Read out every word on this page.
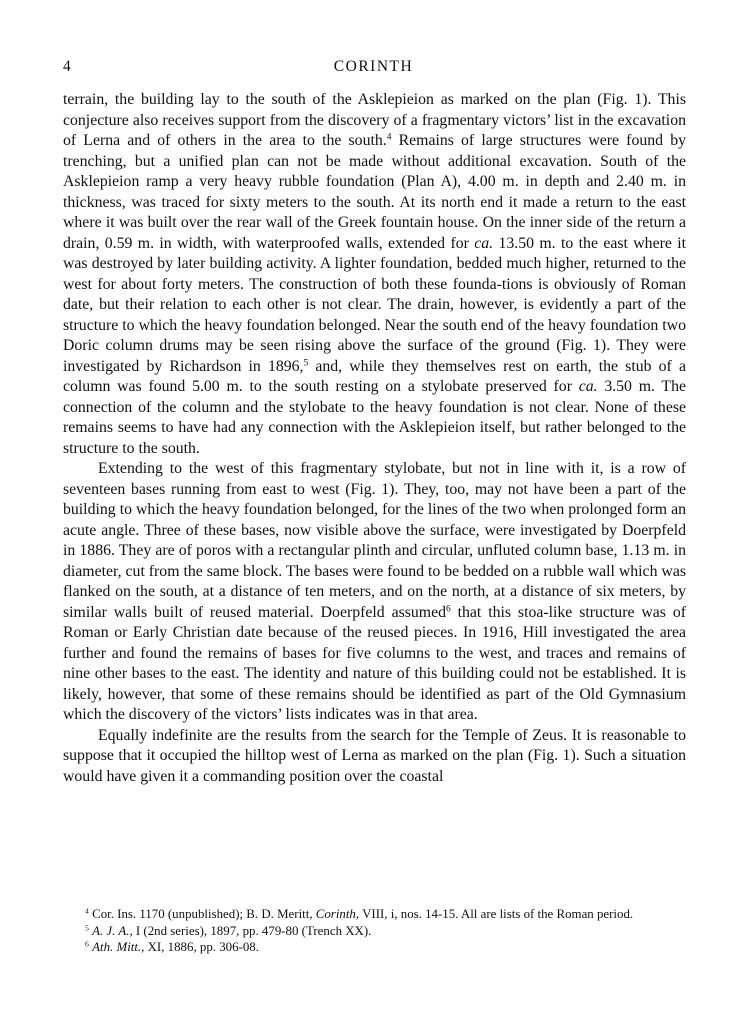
4	CORINTH

terrain, the building lay to the south of the Asklepieion as marked on the plan (Fig. 1). This conjecture also receives support from the discovery of a fragmentary victors’ list in the excavation of Lerna and of others in the area to the south.$^4$ Remains of large structures were found by trenching, but a unified plan can not be made without additional excavation. South of the Asklepieion ramp a very heavy rubble foundation (Plan A), 4.00 m. in depth and 2.40 m. in thickness, was traced for sixty meters to the south. At its north end it made a return to the east where it was built over the rear wall of the Greek fountain house. On the inner side of the return a drain, 0.59 m. in width, with waterproofed walls, extended for ca. 13.50 m. to the east where it was destroyed by later building activity. A lighter foundation, bedded much higher, returned to the west for about forty meters. The construction of both these founda-tions is obviously of Roman date, but their relation to each other is not clear. The drain, however, is evidently a part of the structure to which the heavy foundation belonged. Near the south end of the heavy foundation two Doric column drums may be seen rising above the surface of the ground (Fig. 1). They were investigated by Richardson in 1896,$^5$ and, while they themselves rest on earth, the stub of a column was found 5.00 m. to the south resting on a stylobate preserved for ca. 3.50 m. The connection of the column and the stylobate to the heavy foundation is not clear. None of these remains seems to have had any connection with the Asklepieion itself, but rather belonged to the structure to the south.

Extending to the west of this fragmentary stylobate, but not in line with it, is a row of seventeen bases running from east to west (Fig. 1). They, too, may not have been a part of the building to which the heavy foundation belonged, for the lines of the two when prolonged form an acute angle. Three of these bases, now visible above the surface, were investigated by Doerpfeld in 1886. They are of poros with a rectangular plinth and circular, unfluted column base, 1.13 m. in diameter, cut from the same block. The bases were found to be bedded on a rubble wall which was flanked on the south, at a distance of ten meters, and on the north, at a distance of six meters, by similar walls built of reused material. Doerpfeld assumed$^6$ that this stoa-like structure was of Roman or Early Christian date because of the reused pieces. In 1916, Hill investigated the area further and found the remains of bases for five columns to the west, and traces and remains of nine other bases to the east. The identity and nature of this building could not be established. It is likely, however, that some of these remains should be identified as part of the Old Gymnasium which the discovery of the victors’ lists indicates was in that area.

Equally indefinite are the results from the search for the Temple of Zeus. It is reasonable to suppose that it occupied the hilltop west of Lerna as marked on the plan (Fig. 1). Such a situation would have given it a commanding position over the coastal

$^4$ Cor. Ins. 1170 (unpublished); B. D. Meritt, Corinth, VIII, i, nos. 14-15. All are lists of the Roman period.

$^5$ A. J. A., I (2nd series), 1897, pp. 479-80 (Trench XX).

$^6$ Ath. Mitt., XI, 1886, pp. 306-08.
